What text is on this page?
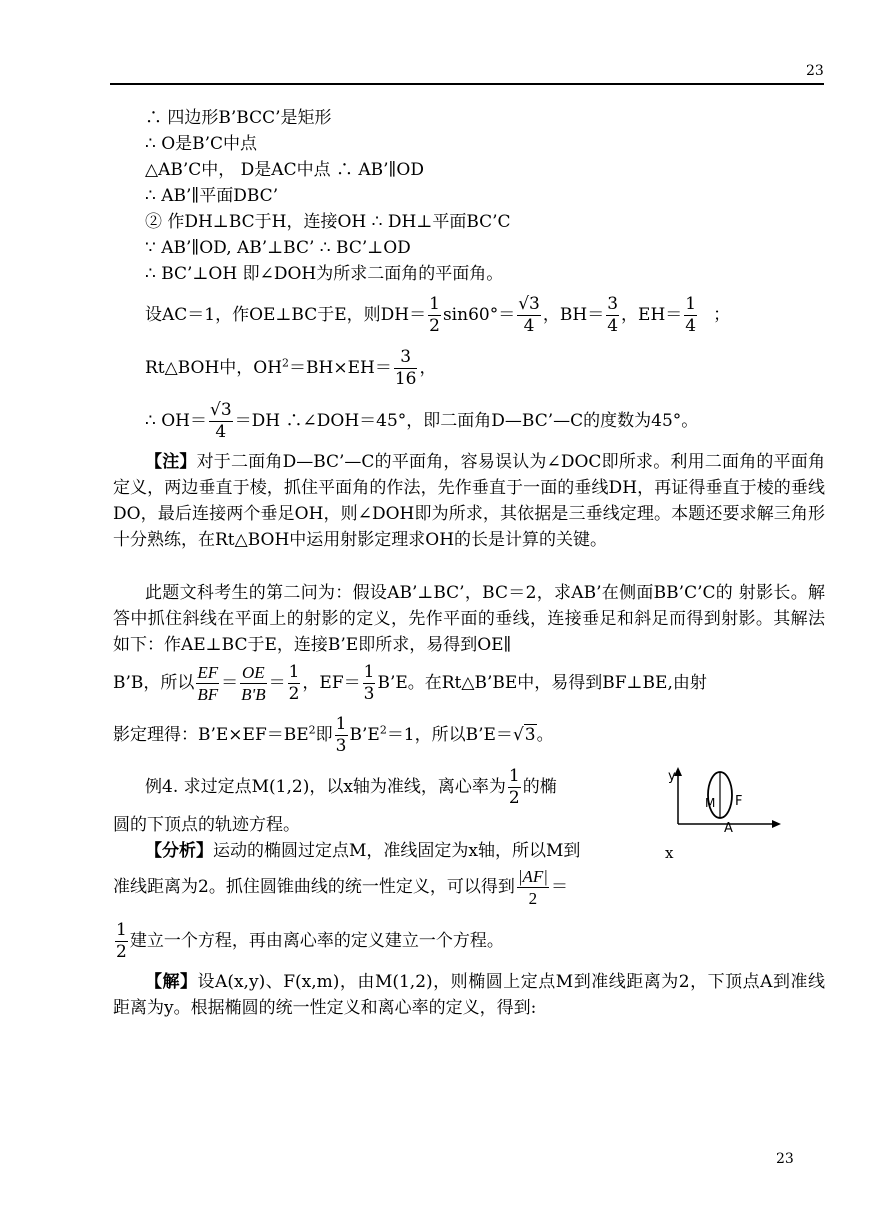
23
∴ 四边形B’BCC’是矩形
∴ O是B’C中点
△AB’C中， D是AC中点 ∴ AB’∥OD
∴ AB’∥平面DBC’
② 作DH⊥BC于H，连接OH ∴ DH⊥平面BC’C
∵ AB’∥OD, AB’⊥BC’ ∴ BC’⊥OD
∴ BC’⊥OH 即∠DOH为所求二面角的平面角。
设AC＝1，作OE⊥BC于E，则$DH= \frac{1}{2} \sin 60^\circ= \frac{√3}{4}$ ，$BH= \frac{3}{4}$ ，$EH= \frac{1}{4}$ ；
Rt△BOH中，$OH^2=BH\times EH= \frac{3}{16}$ ，
∴ $OH= \frac{√3}{4} =DH$ ∴∠DOH＝45°，即二面角D—BC’—C的度数为45°。
【注】对于二面角D—BC’—C的平面角，容易误认为∠DOC即所求。利用二面角的平面角定义，两边垂直于棱，抓住平面角的作法，先作垂直于一面的垂线DH，再证得垂直于棱的垂线DO，最后连接两个垂足OH，则∠DOH即为所求，其依据是三垂线定理。本题还要求解三角形十分熟练，在Rt△BOH中运用射影定理求OH的长是计算的关键。
此题文科考生的第二问为：假设AB’⊥BC’，BC＝2，求AB’在侧面BB’C’C的 射影长。解答中抓住斜线在平面上的射影的定义，先作平面的垂线，连接垂足和斜足而得到射影。其解法如下：作AE⊥BC于E，连接B’E即所求，易得到OE∥
B’B，所以 $\frac{EF}{BF} = \frac{OE}{B'B} = \frac{1}{2}$ ，$EF= \frac{1}{3}$ B’E。在Rt△B’BE中，易得到BF⊥BE,由射
影定理得：$B’E\times EF=BE^2$即 $\frac{1}{3}$ $B’E^2=1$，所以B’E＝√3。
例4. 求过定点M(1,2)，以x轴为准线，离心率为 $\frac{1}{2}$ 的椭
圆的下顶点的轨迹方程。
【分析】运动的椭圆过定点M，准线固定为x轴，所以M到
准线距离为2。抓住圆锥曲线的统一性定义，可以得到 $\frac{|AF|}{2}$ ＝
$\frac{1}{2}$ 建立一个方程，再由离心率的定义建立一个方程。
【解】设A(x,y)、F(x,m)，由M(1,2)，则椭圆上定点M到准线距离为2，下顶点A到准线距离为y。根据椭圆的统一性定义和离心率的定义，得到:
y
M F
A
x
23
